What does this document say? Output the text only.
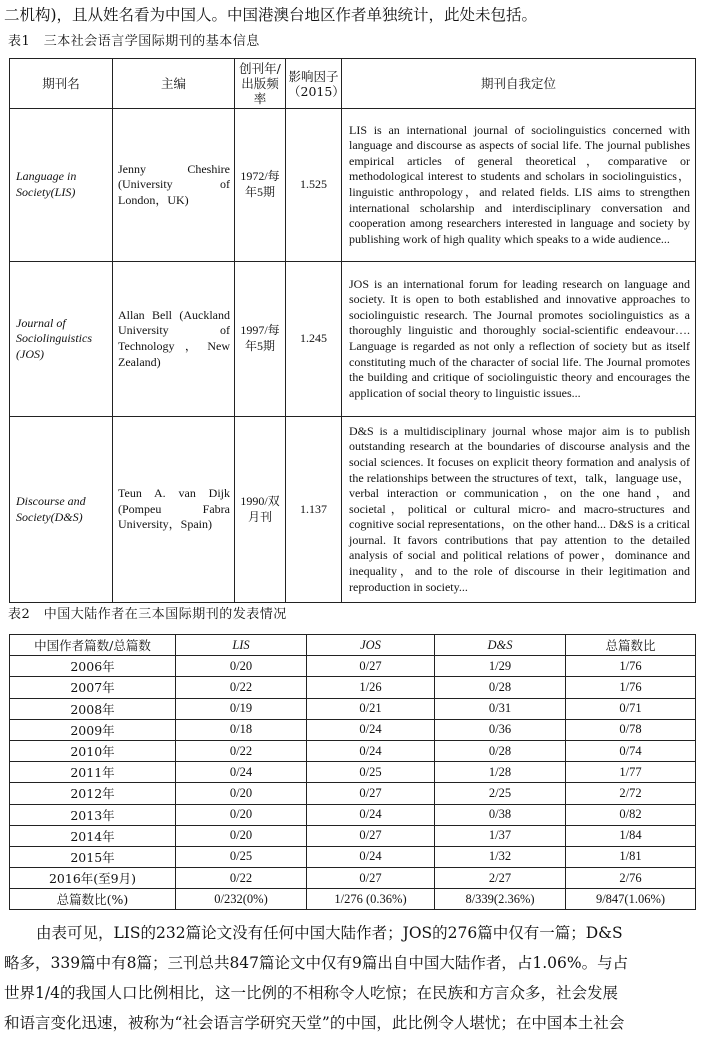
二机构)，且从姓名看为中国人。中国港澳台地区作者单独统计，此处未包括。
表1　三本社会语言学国际期刊的基本信息
期刊名	主编	创刊年/出版频率	影响因子（2015）	期刊自我定位
Language in Society(LIS)	Jenny Cheshire (University of London，UK)	1972/每年5期	1.525	LIS is an international journal of sociolinguistics concerned with language and discourse as aspects of social life. The journal publishes empirical articles of general theoretical，comparative or methodological interest to students and scholars in sociolinguistics，linguistic anthropology，and related fields. LIS aims to strengthen international scholarship and interdisciplinary conversation and cooperation among researchers interested in language and society by publishing work of high quality which speaks to a wide audience...
Journal of Sociolinguistics (JOS)	Allan Bell (Auckland University of Technology，New Zealand)	1997/每年5期	1.245	JOS is an international forum for leading research on language and society. It is open to both established and innovative approaches to sociolinguistic research. The Journal promotes sociolinguistics as a thoroughly linguistic and thoroughly social-scientific endeavour…. Language is regarded as not only a reflection of society but as itself constituting much of the character of social life. The Journal promotes the building and critique of sociolinguistic theory and encourages the application of social theory to linguistic issues...
Discourse and Society(D&S)	Teun A. van Dijk (Pompeu Fabra University，Spain)	1990/双月刊	1.137	D&S is a multidisciplinary journal whose major aim is to publish outstanding research at the boundaries of discourse analysis and the social sciences. It focuses on explicit theory formation and analysis of the relationships between the structures of text，talk，language use，verbal interaction or communication，on the one hand，and societal，political or cultural micro- and macro-structures and cognitive social representations，on the other hand... D&S is a critical journal. It favors contributions that pay attention to the detailed analysis of social and political relations of power，dominance and inequality，and to the role of discourse in their legitimation and reproduction in society...
表2　中国大陆作者在三本国际期刊的发表情况
中国作者篇数/总篇数	LIS	JOS	D&S	总篇数比
2006年	0/20	0/27	1/29	1/76
2007年	0/22	1/26	0/28	1/76
2008年	0/19	0/21	0/31	0/71
2009年	0/18	0/24	0/36	0/78
2010年	0/22	0/24	0/28	0/74
2011年	0/24	0/25	1/28	1/77
2012年	0/20	0/27	2/25	2/72
2013年	0/20	0/24	0/38	0/82
2014年	0/20	0/27	1/37	1/84
2015年	0/25	0/24	1/32	1/81
2016年(至9月)	0/22	0/27	2/27	2/76
总篇数比(%)	0/232(0%)	1/276 (0.36%)	8/339(2.36%)	9/847(1.06%)
由表可见，LIS的232篇论文没有任何中国大陆作者；JOS的276篇中仅有一篇；D&S
略多，339篇中有8篇；三刊总共847篇论文中仅有9篇出自中国大陆作者，占1.06%。与占
世界1/4的我国人口比例相比，这一比例的不相称令人吃惊；在民族和方言众多，社会发展
和语言变化迅速，被称为“社会语言学研究天堂”的中国，此比例令人堪忧；在中国本土社会
